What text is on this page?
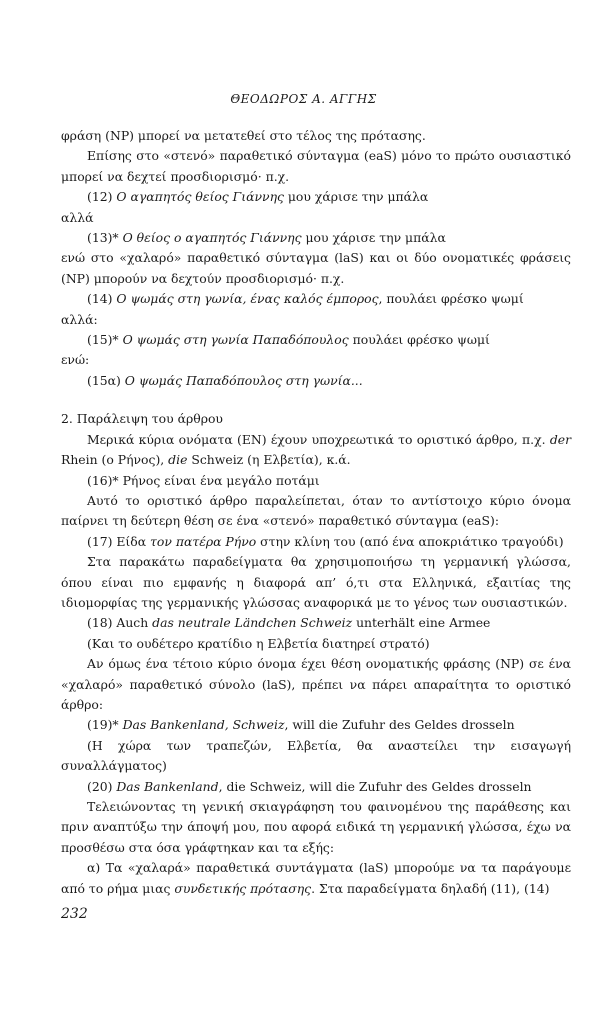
ΘΕΟΔΩΡΟΣ Α. ΑΓΓΗΣ

φράση (NP) μπορεί να μετατεθεί στο τέλος της πρότασης.

Επίσης στο «στενό» παραθετικό σύνταγμα (eaS) μόνο το πρώτο ουσιαστικό μπορεί να δεχτεί προσδιορισμό· π.χ.

(12) Ο αγαπητός θείος Γιάννης μου χάρισε την μπάλα

αλλά

(13)* Ο θείος ο αγαπητός Γιάννης μου χάρισε την μπάλα

ενώ στο «χαλαρό» παραθετικό σύνταγμα (laS) και οι δύο ονοματικές φράσεις (NP) μπορούν να δεχτούν προσδιορισμό· π.χ.

(14) Ο ψωμάς στη γωνία, ένας καλός έμπορος, πουλάει φρέσκο ψωμί

αλλά:

(15)* Ο ψωμάς στη γωνία Παπαδόπουλος πουλάει φρέσκο ψωμί

ενώ:

(15α) Ο ψωμάς Παπαδόπουλος στη γωνία...

2. Παράλειψη του άρθρου

Μερικά κύρια ονόματα (ΕΝ) έχουν υποχρεωτικά το οριστικό άρθρο, π.χ. der Rhein (ο Ρήνος), die Schweiz (η Ελβετία), κ.ά.

(16)* Ρήνος είναι ένα μεγάλο ποτάμι

Αυτό το οριστικό άρθρο παραλείπεται, όταν το αντίστοιχο κύριο όνομα παίρνει τη δεύτερη θέση σε ένα «στενό» παραθετικό σύνταγμα (eaS):

(17) Είδα τον πατέρα Ρήνο στην κλίνη του (από ένα αποκριάτικο τραγούδι)

Στα παρακάτω παραδείγματα θα χρησιμοποιήσω τη γερμανική γλώσσα, όπου είναι πιο εμφανής η διαφορά απ’ ό,τι στα Ελληνικά, εξαιτίας της ιδιομορφίας της γερμανικής γλώσσας αναφορικά με το γένος των ουσιαστικών.

(18) Auch das neutrale Ländchen Schweiz unterhält eine Armee

(Και το ουδέτερο κρατίδιο η Ελβετία διατηρεί στρατό)

Αν όμως ένα τέτοιο κύριο όνομα έχει θέση ονοματικής φράσης (NP) σε ένα «χαλαρό» παραθετικό σύνολο (laS), πρέπει να πάρει απαραίτητα το οριστικό άρθρο:

(19)* Das Bankenland, Schweiz, will die Zufuhr des Geldes drosseln

(Η χώρα των τραπεζών, Ελβετία, θα αναστείλει την εισαγωγή συναλλάγματος)

(20) Das Bankenland, die Schweiz, will die Zufuhr des Geldes drosseln

Τελειώνοντας τη γενική σκιαγράφηση του φαινομένου της παράθεσης και πριν αναπτύξω την άποψή μου, που αφορά ειδικά τη γερμανική γλώσσα, έχω να προσθέσω στα όσα γράφτηκαν και τα εξής:

α) Τα «χαλαρά» παραθετικά συντάγματα (laS) μπορούμε να τα παράγουμε από το ρήμα μιας συνδετικής πρότασης. Στα παραδείγματα δηλαδή (11), (14)

232
